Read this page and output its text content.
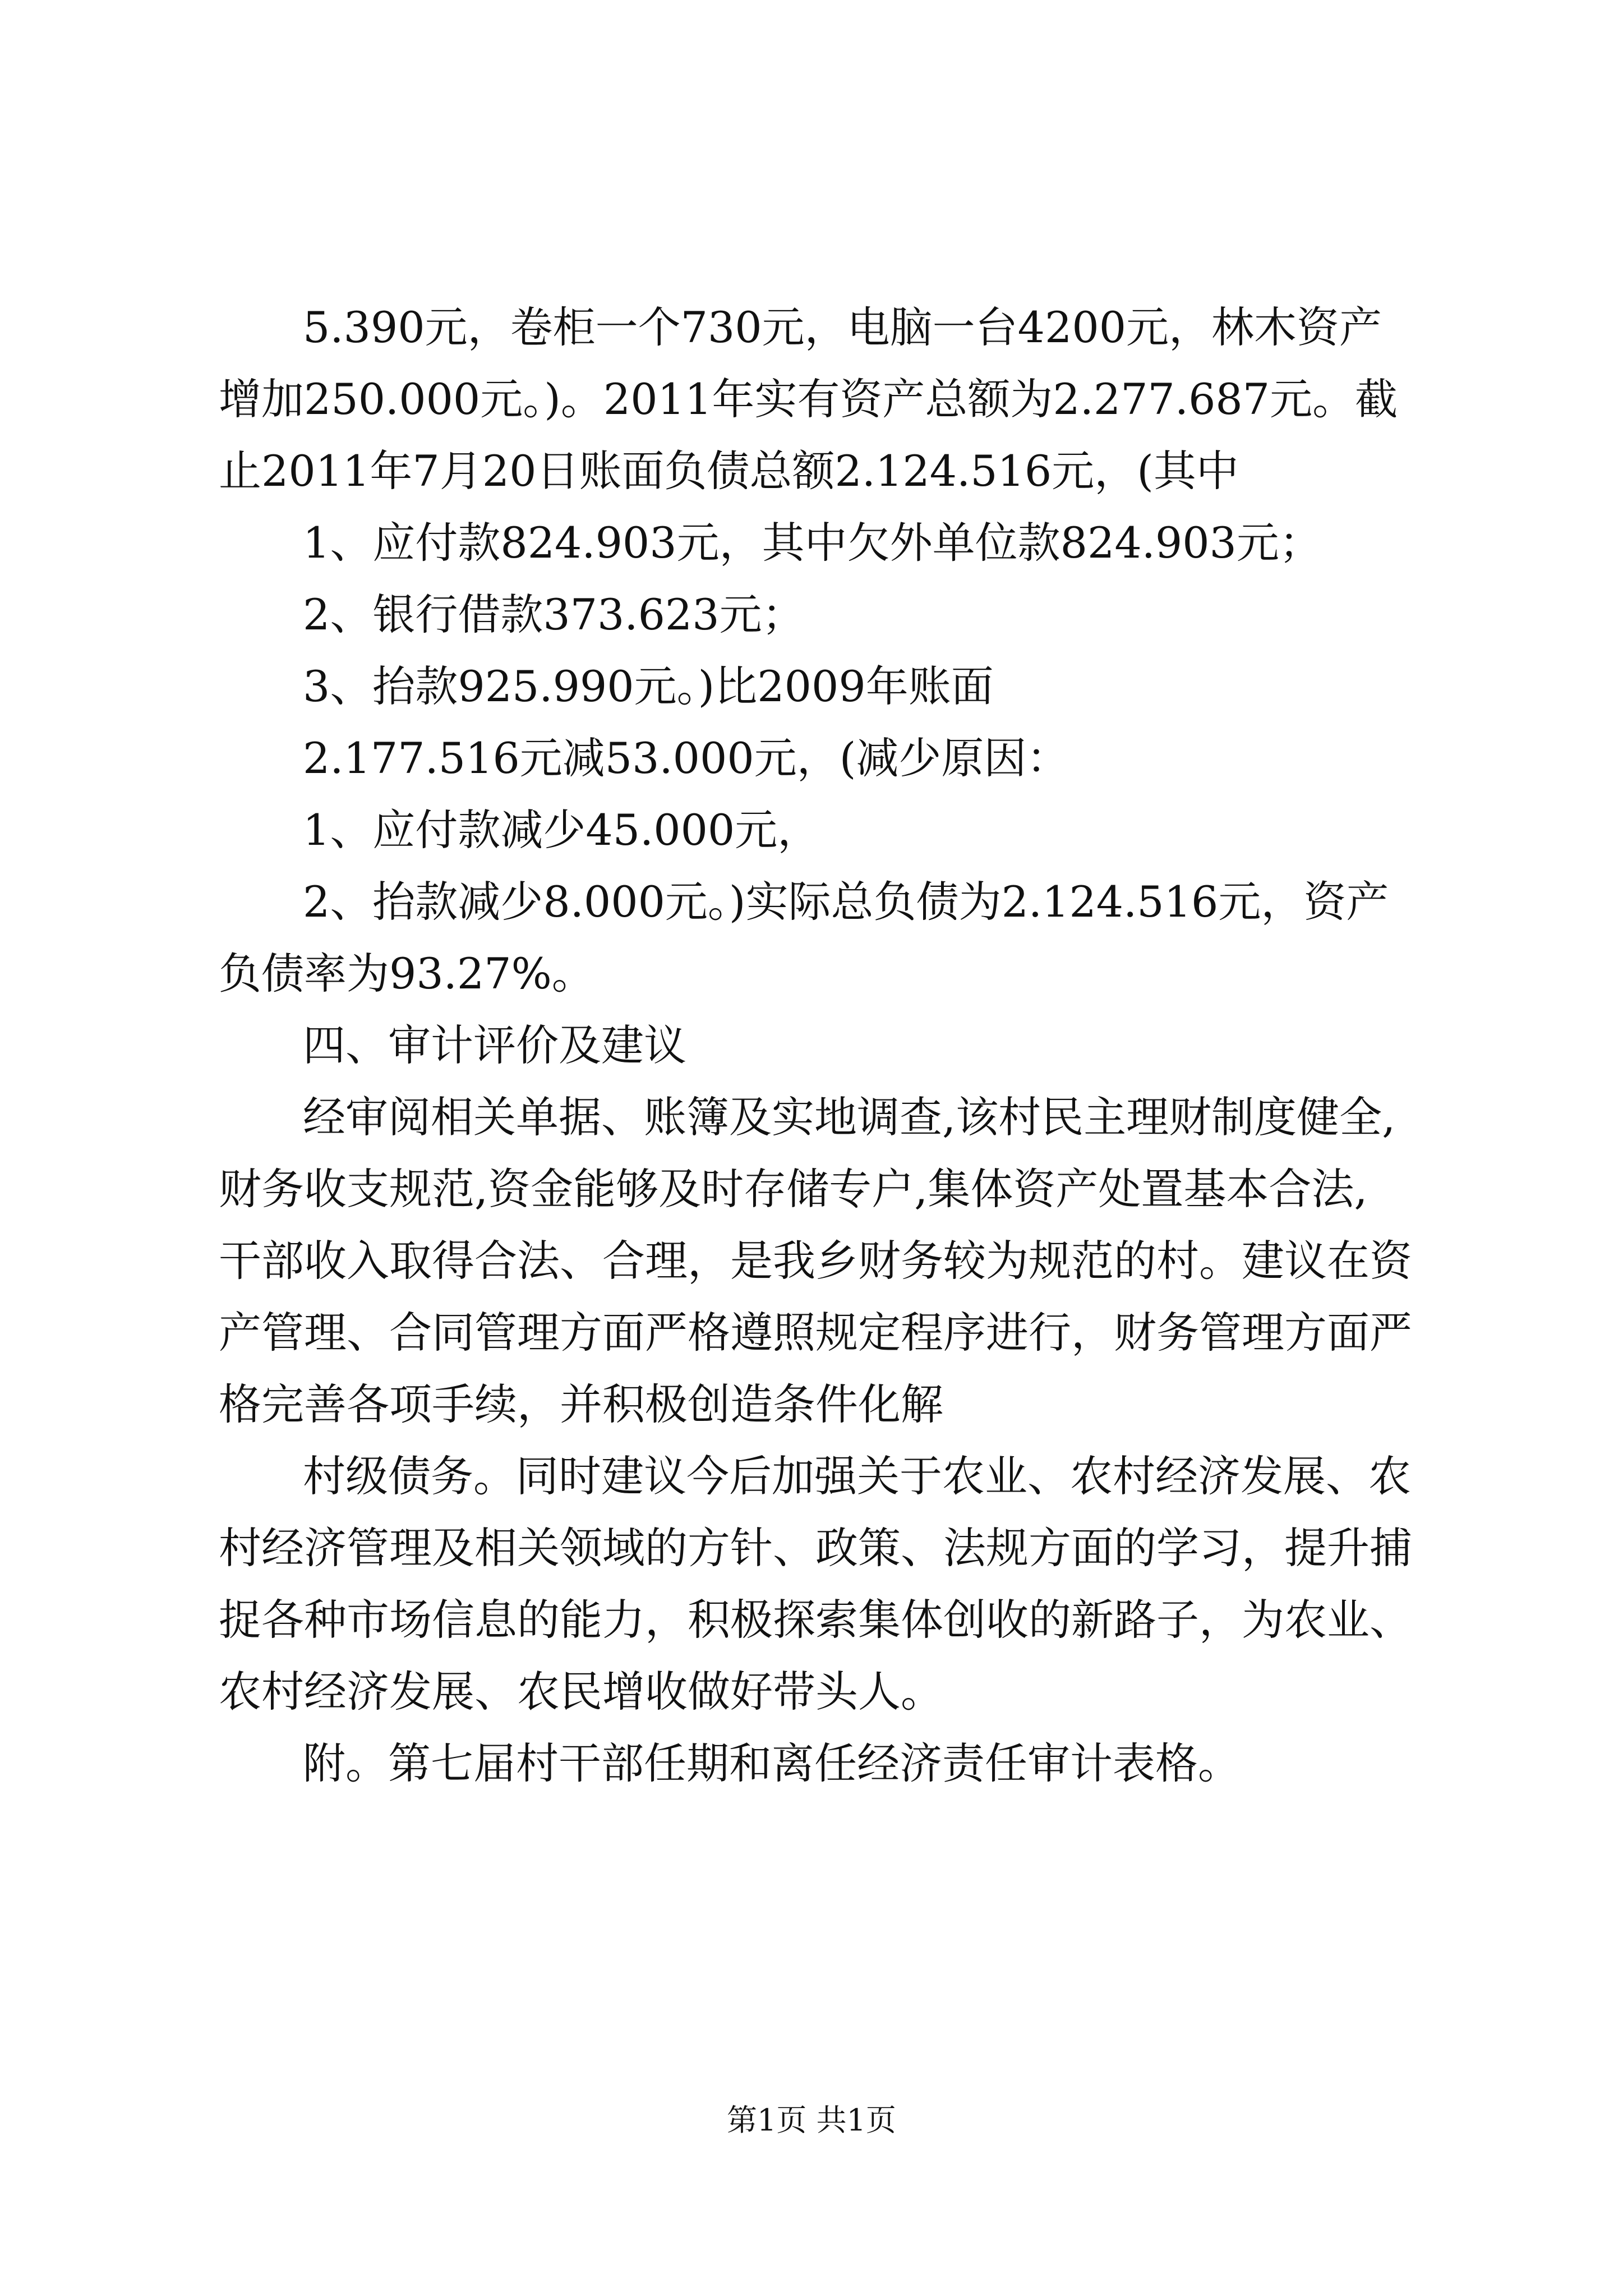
5.390元，卷柜一个730元，电脑一台4200元，林木资产
增加250.000元。)。2011年实有资产总额为2.277.687元。截
止2011年7月20日账面负债总额2.124.516元，(其中
1、应付款824.903元，其中欠外单位款824.903元；
2、银行借款373.623元；
3、抬款925.990元。)比2009年账面
2.177.516元减53.000元，(减少原因：
1、应付款减少45.000元，
2、抬款减少8.000元。)实际总负债为2.124.516元，资产
负债率为93.27%。
四、审计评价及建议
经审阅相关单据、账簿及实地调查,该村民主理财制度健全,
财务收支规范,资金能够及时存储专户,集体资产处置基本合法,
干部收入取得合法、合理，是我乡财务较为规范的村。建议在资
产管理、合同管理方面严格遵照规定程序进行，财务管理方面严
格完善各项手续，并积极创造条件化解
村级债务。同时建议今后加强关于农业、农村经济发展、农
村经济管理及相关领域的方针、政策、法规方面的学习，提升捕
捉各种市场信息的能力，积极探索集体创收的新路子，为农业、
农村经济发展、农民增收做好带头人。
附。第七届村干部任期和离任经济责任审计表格。
第1页 共1页
